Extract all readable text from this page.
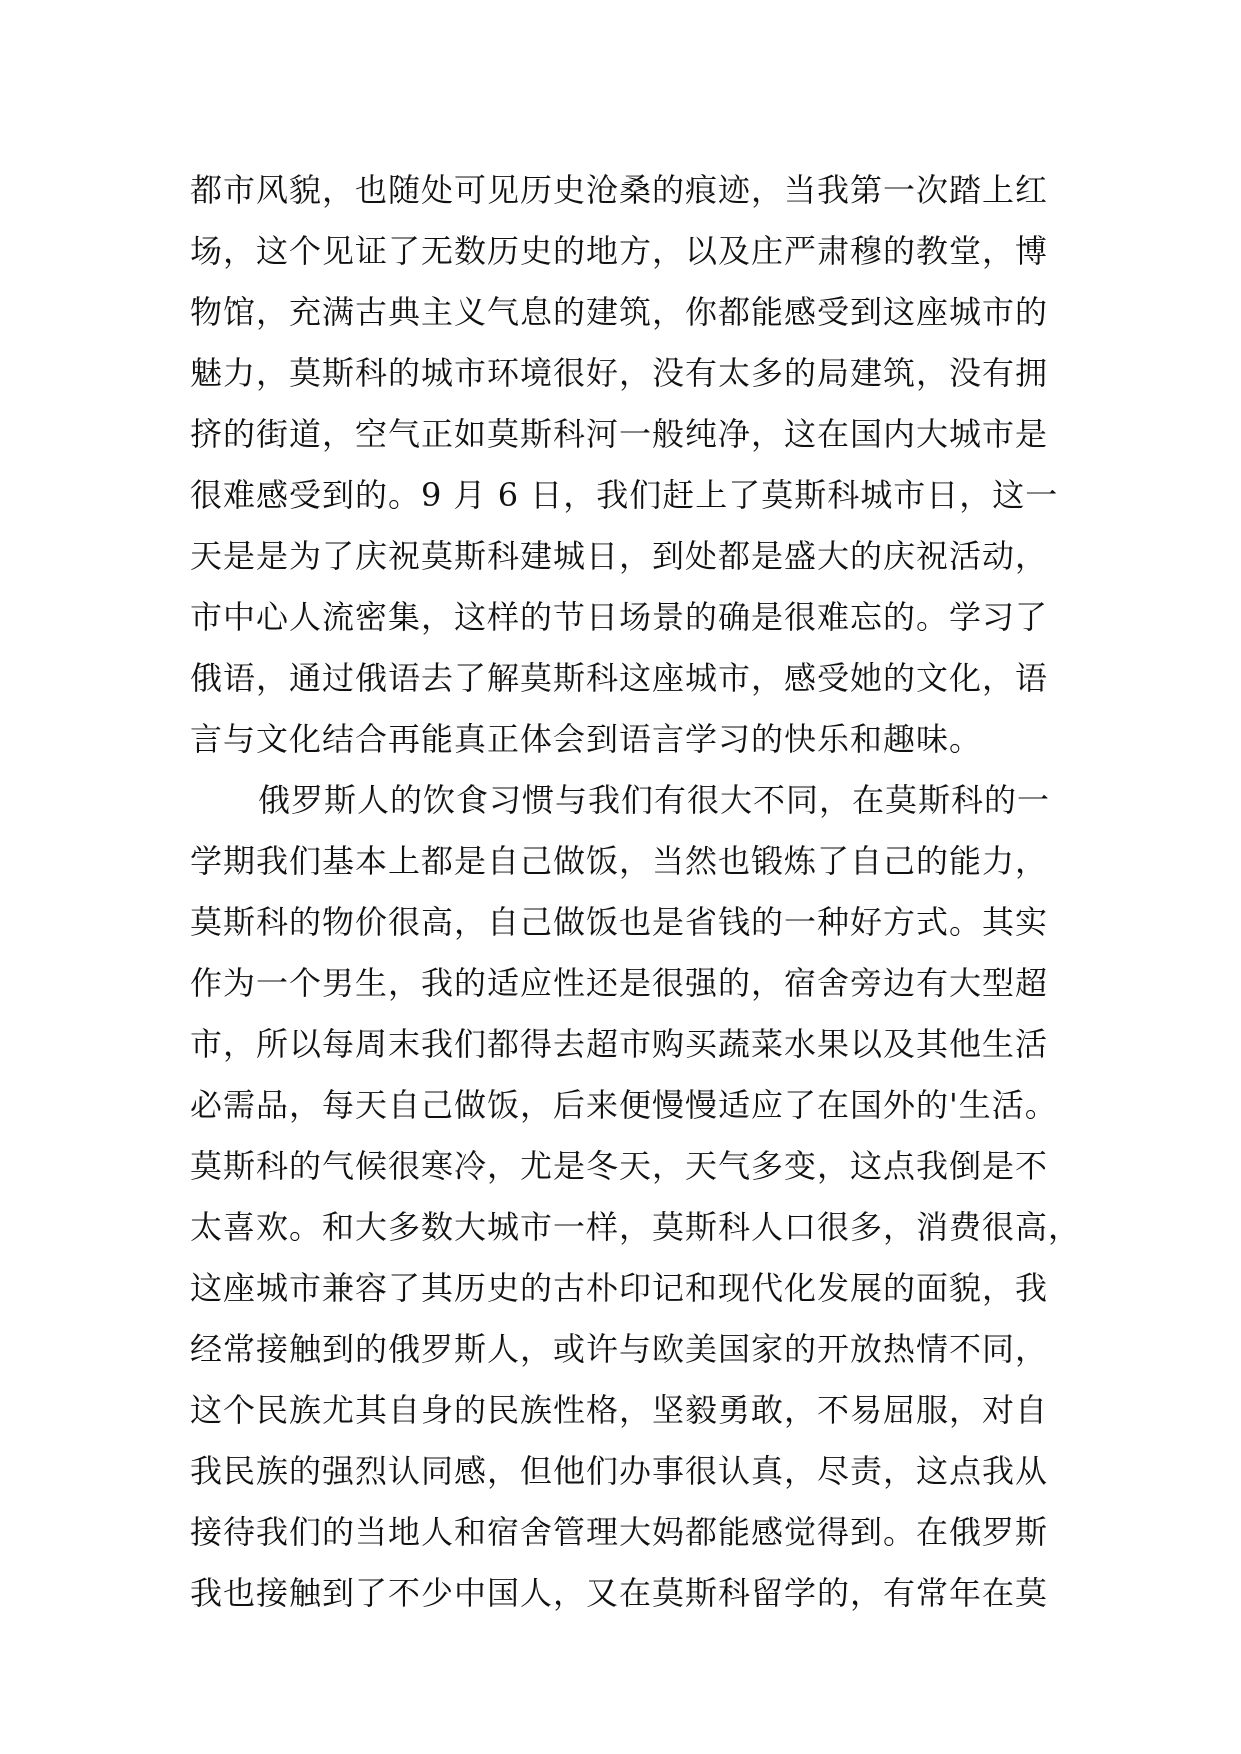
都市风貌，也随处可见历史沧桑的痕迹，当我第一次踏上红
场，这个见证了无数历史的地方，以及庄严肃穆的教堂，博
物馆，充满古典主义气息的建筑，你都能感受到这座城市的
魅力，莫斯科的城市环境很好，没有太多的局建筑，没有拥
挤的街道，空气正如莫斯科河一般纯净，这在国内大城市是
很难感受到的。9 月 6 日，我们赶上了莫斯科城市日，这一
天是是为了庆祝莫斯科建城日，到处都是盛大的庆祝活动，
市中心人流密集，这样的节日场景的确是很难忘的。学习了
俄语，通过俄语去了解莫斯科这座城市，感受她的文化，语
言与文化结合再能真正体会到语言学习的快乐和趣味。
俄罗斯人的饮食习惯与我们有很大不同，在莫斯科的一
学期我们基本上都是自己做饭，当然也锻炼了自己的能力，
莫斯科的物价很高，自己做饭也是省钱的一种好方式。其实
作为一个男生，我的适应性还是很强的，宿舍旁边有大型超
市，所以每周末我们都得去超市购买蔬菜水果以及其他生活
必需品，每天自己做饭，后来便慢慢适应了在国外的'生活。
莫斯科的气候很寒冷，尤是冬天，天气多变，这点我倒是不
太喜欢。和大多数大城市一样，莫斯科人口很多，消费很高，
这座城市兼容了其历史的古朴印记和现代化发展的面貌，我
经常接触到的俄罗斯人，或许与欧美国家的开放热情不同，
这个民族尤其自身的民族性格，坚毅勇敢，不易屈服，对自
我民族的强烈认同感，但他们办事很认真，尽责，这点我从
接待我们的当地人和宿舍管理大妈都能感觉得到。在俄罗斯
我也接触到了不少中国人，又在莫斯科留学的，有常年在莫
